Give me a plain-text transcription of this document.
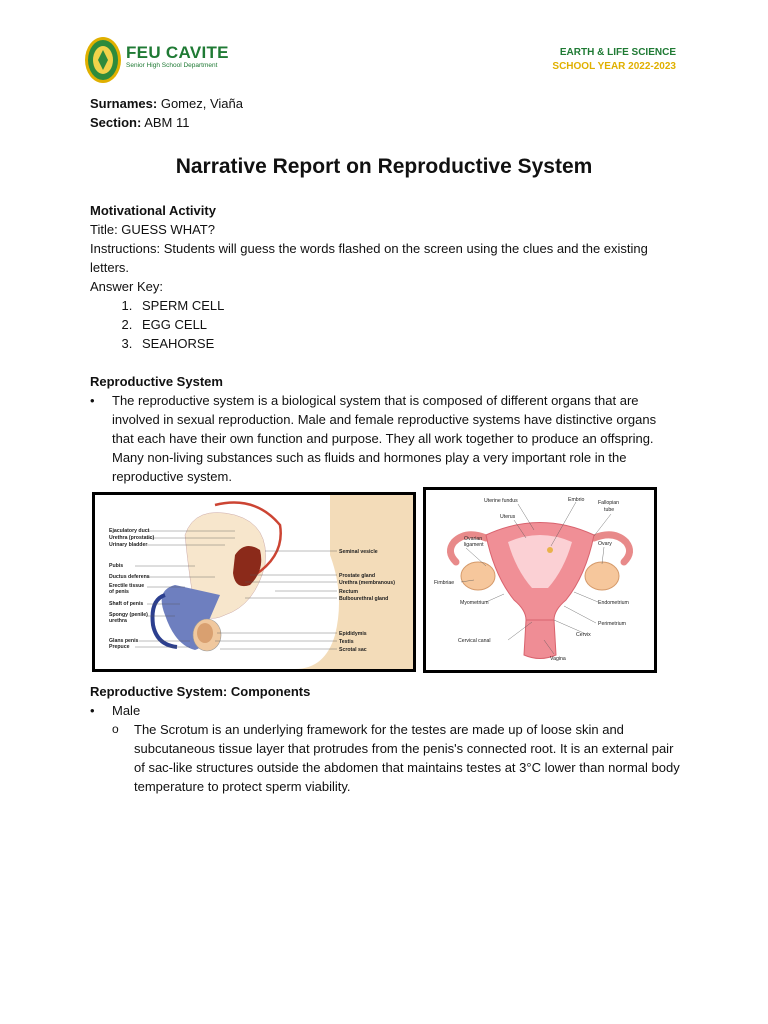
FEU CAVITE
Senior High School Department
EARTH & LIFE SCIENCE
SCHOOL YEAR 2022-2023
Surnames: Gomez, Viaña
Section: ABM 11
Narrative Report on Reproductive System
Motivational Activity
Title: GUESS WHAT?
Instructions: Students will guess the words flashed on the screen using the clues and the existing letters.
Answer Key:
1. SPERM CELL
2. EGG CELL
3. SEAHORSE
Reproductive System
• The reproductive system is a biological system that is composed of different organs that are involved in sexual reproduction. Male and female reproductive systems have distinctive organs that each have their own function and purpose. They all work together to produce an offspring. Many non-living substances such as fluids and hormones play a very important role in the reproductive system.
Reproductive System: Components
• Male
o The Scrotum is an underlying framework for the testes are made up of loose skin and subcutaneous tissue layer that protrudes from the penis's connected root. It is an external pair of sac-like structures outside the abdomen that maintains testes at 3°C lower than normal body temperature to protect sperm viability.
Ejaculatory duct
Urethra (prostatic)
Urinary bladder
Pubis
Ductus deferens
Erectile tissue
of penis
Shaft of penis
Spongy (penile)
urethra
Glans penis
Prepuce
Seminal vesicle
Prostate gland
Urethra (membranous)
Rectum
Bulbourethral gland
Epididymis
Testis
Scrotal sac
Uterine fundus	Embrio	Fallopian
tube
Uterus
Ovarian
ligament	Ovary
Fimbriae
Myometrium	Endometrium
Perimetrium
Cervix
Cervical canal
Vagina
